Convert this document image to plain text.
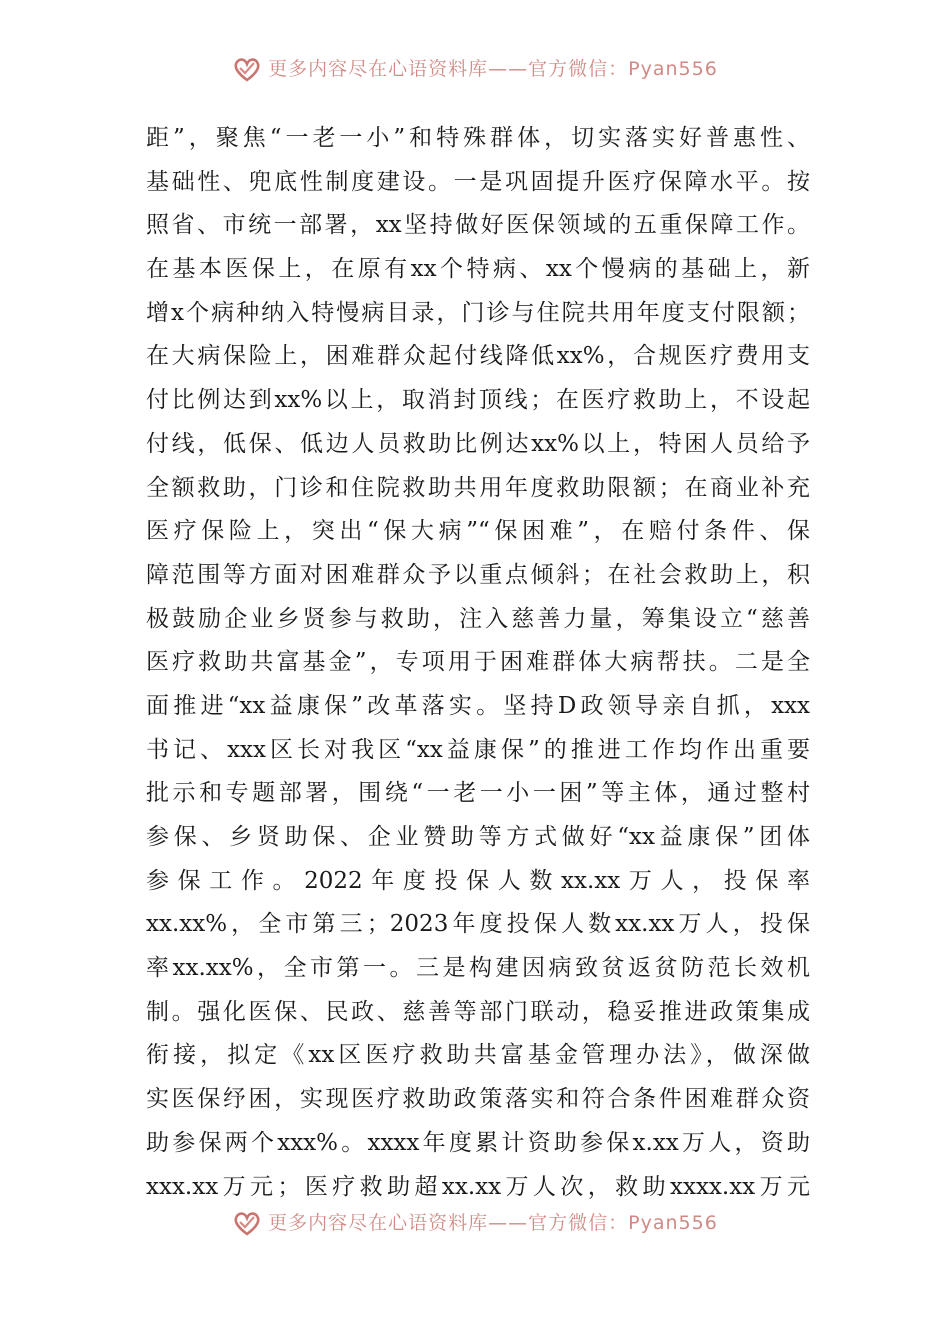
更多内容尽在心语资料库——官方微信：Pyan556
距”，聚焦“一老一小”和特殊群体，切实落实好普惠性、
基础性、兜底性制度建设。一是巩固提升医疗保障水平。按
照省、市统一部署，xx坚持做好医保领域的五重保障工作。
在基本医保上，在原有xx个特病、xx个慢病的基础上，新
增x个病种纳入特慢病目录，门诊与住院共用年度支付限额；
在大病保险上，困难群众起付线降低xx%，合规医疗费用支
付比例达到xx%以上，取消封顶线；在医疗救助上，不设起
付线，低保、低边人员救助比例达xx%以上，特困人员给予
全额救助，门诊和住院救助共用年度救助限额；在商业补充
医疗保险上，突出“保大病”“保困难”，在赔付条件、保
障范围等方面对困难群众予以重点倾斜；在社会救助上，积
极鼓励企业乡贤参与救助，注入慈善力量，筹集设立“慈善
医疗救助共富基金”，专项用于困难群体大病帮扶。二是全
面推进“xx益康保”改革落实。坚持D政领导亲自抓，xxx
书记、xxx区长对我区“xx益康保”的推进工作均作出重要
批示和专题部署，围绕“一老一小一困”等主体，通过整村
参保、乡贤助保、企业赞助等方式做好“xx益康保”团体
参保工作。2022年度投保人数xx.xx万人，投保率
xx.xx%，全市第三；2023年度投保人数xx.xx万人，投保
率xx.xx%，全市第一。三是构建因病致贫返贫防范长效机
制。强化医保、民政、慈善等部门联动，稳妥推进政策集成
衔接，拟定《xx区医疗救助共富基金管理办法》，做深做
实医保纾困，实现医疗救助政策落实和符合条件困难群众资
助参保两个xxx%。xxxx年度累计资助参保x.xx万人，资助
xxx.xx万元；医疗救助超xx.xx万人次，救助xxxx.xx万元
更多内容尽在心语资料库——官方微信：Pyan556
